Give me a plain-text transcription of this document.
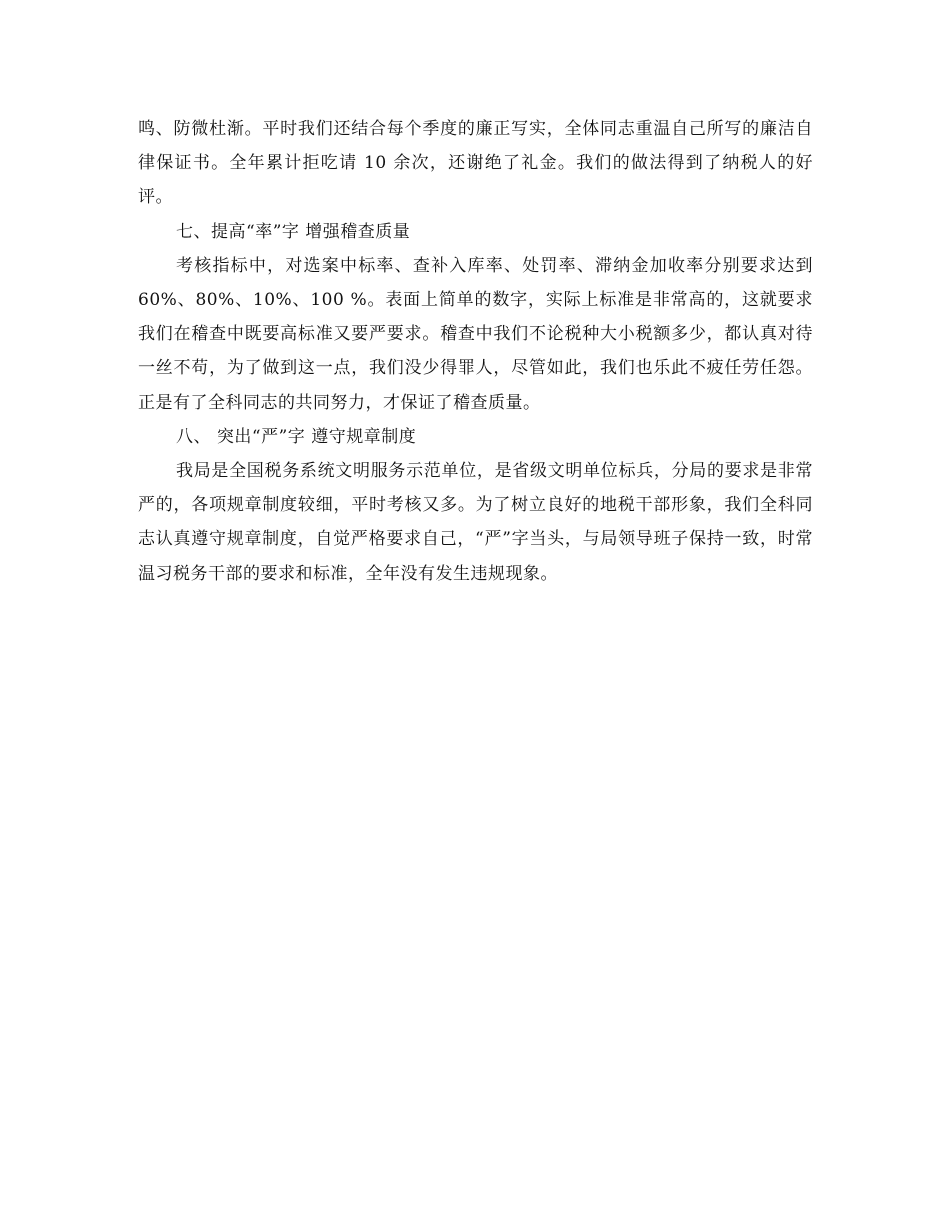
鸣、防微杜渐。平时我们还结合每个季度的廉正写实，全体同志重温自己所写的廉洁自律保证书。全年累计拒吃请 10 余次，还谢绝了礼金。我们的做法得到了纳税人的好评。

七、提高“率”字 增强稽查质量

考核指标中，对选案中标率、查补入库率、处罚率、滞纳金加收率分别要求达到 60%、80%、10%、100 %。表面上简单的数字，实际上标准是非常高的，这就要求我们在稽查中既要高标准又要严要求。稽查中我们不论税种大小税额多少，都认真对待一丝不苟，为了做到这一点，我们没少得罪人，尽管如此，我们也乐此不疲任劳任怨。正是有了全科同志的共同努力，才保证了稽查质量。

八、 突出“严”字 遵守规章制度

我局是全国税务系统文明服务示范单位，是省级文明单位标兵，分局的要求是非常严的，各项规章制度较细，平时考核又多。为了树立良好的地税干部形象，我们全科同志认真遵守规章制度，自觉严格要求自己，“严”字当头，与局领导班子保持一致，时常温习税务干部的要求和标准，全年没有发生违规现象。
